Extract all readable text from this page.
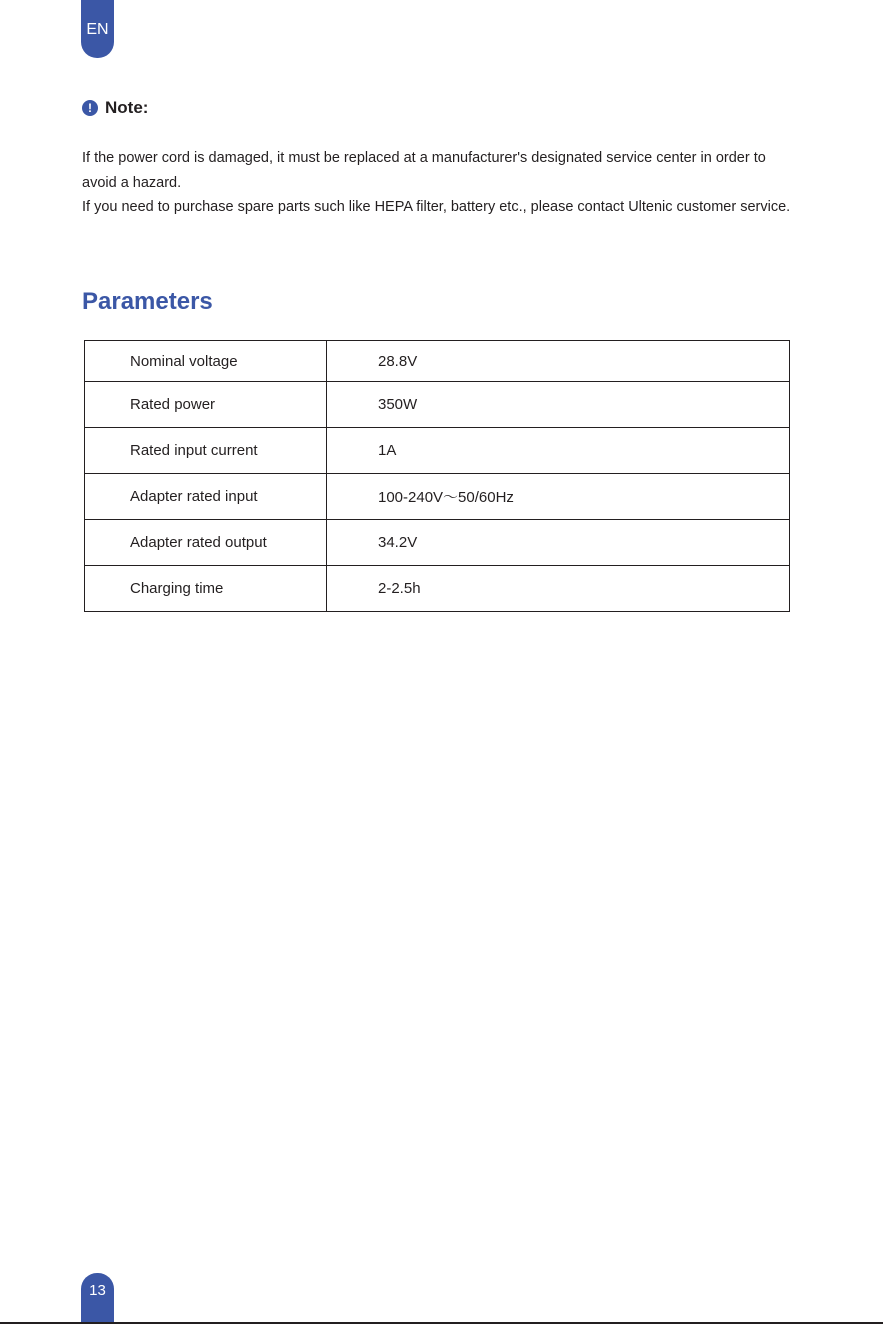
EN
! Note:

If the power cord is damaged, it must be replaced at a manufacturer's designated service center in order to avoid a hazard.

If you need to purchase spare parts such like HEPA filter, battery etc., please contact Ultenic customer service.

Parameters
Nominal voltage	28.8V
Rated power	350W
Rated input current	1A
Adapter rated input	100-240V～50/60Hz
Adapter rated output	34.2V
Charging time	2-2.5h
13
